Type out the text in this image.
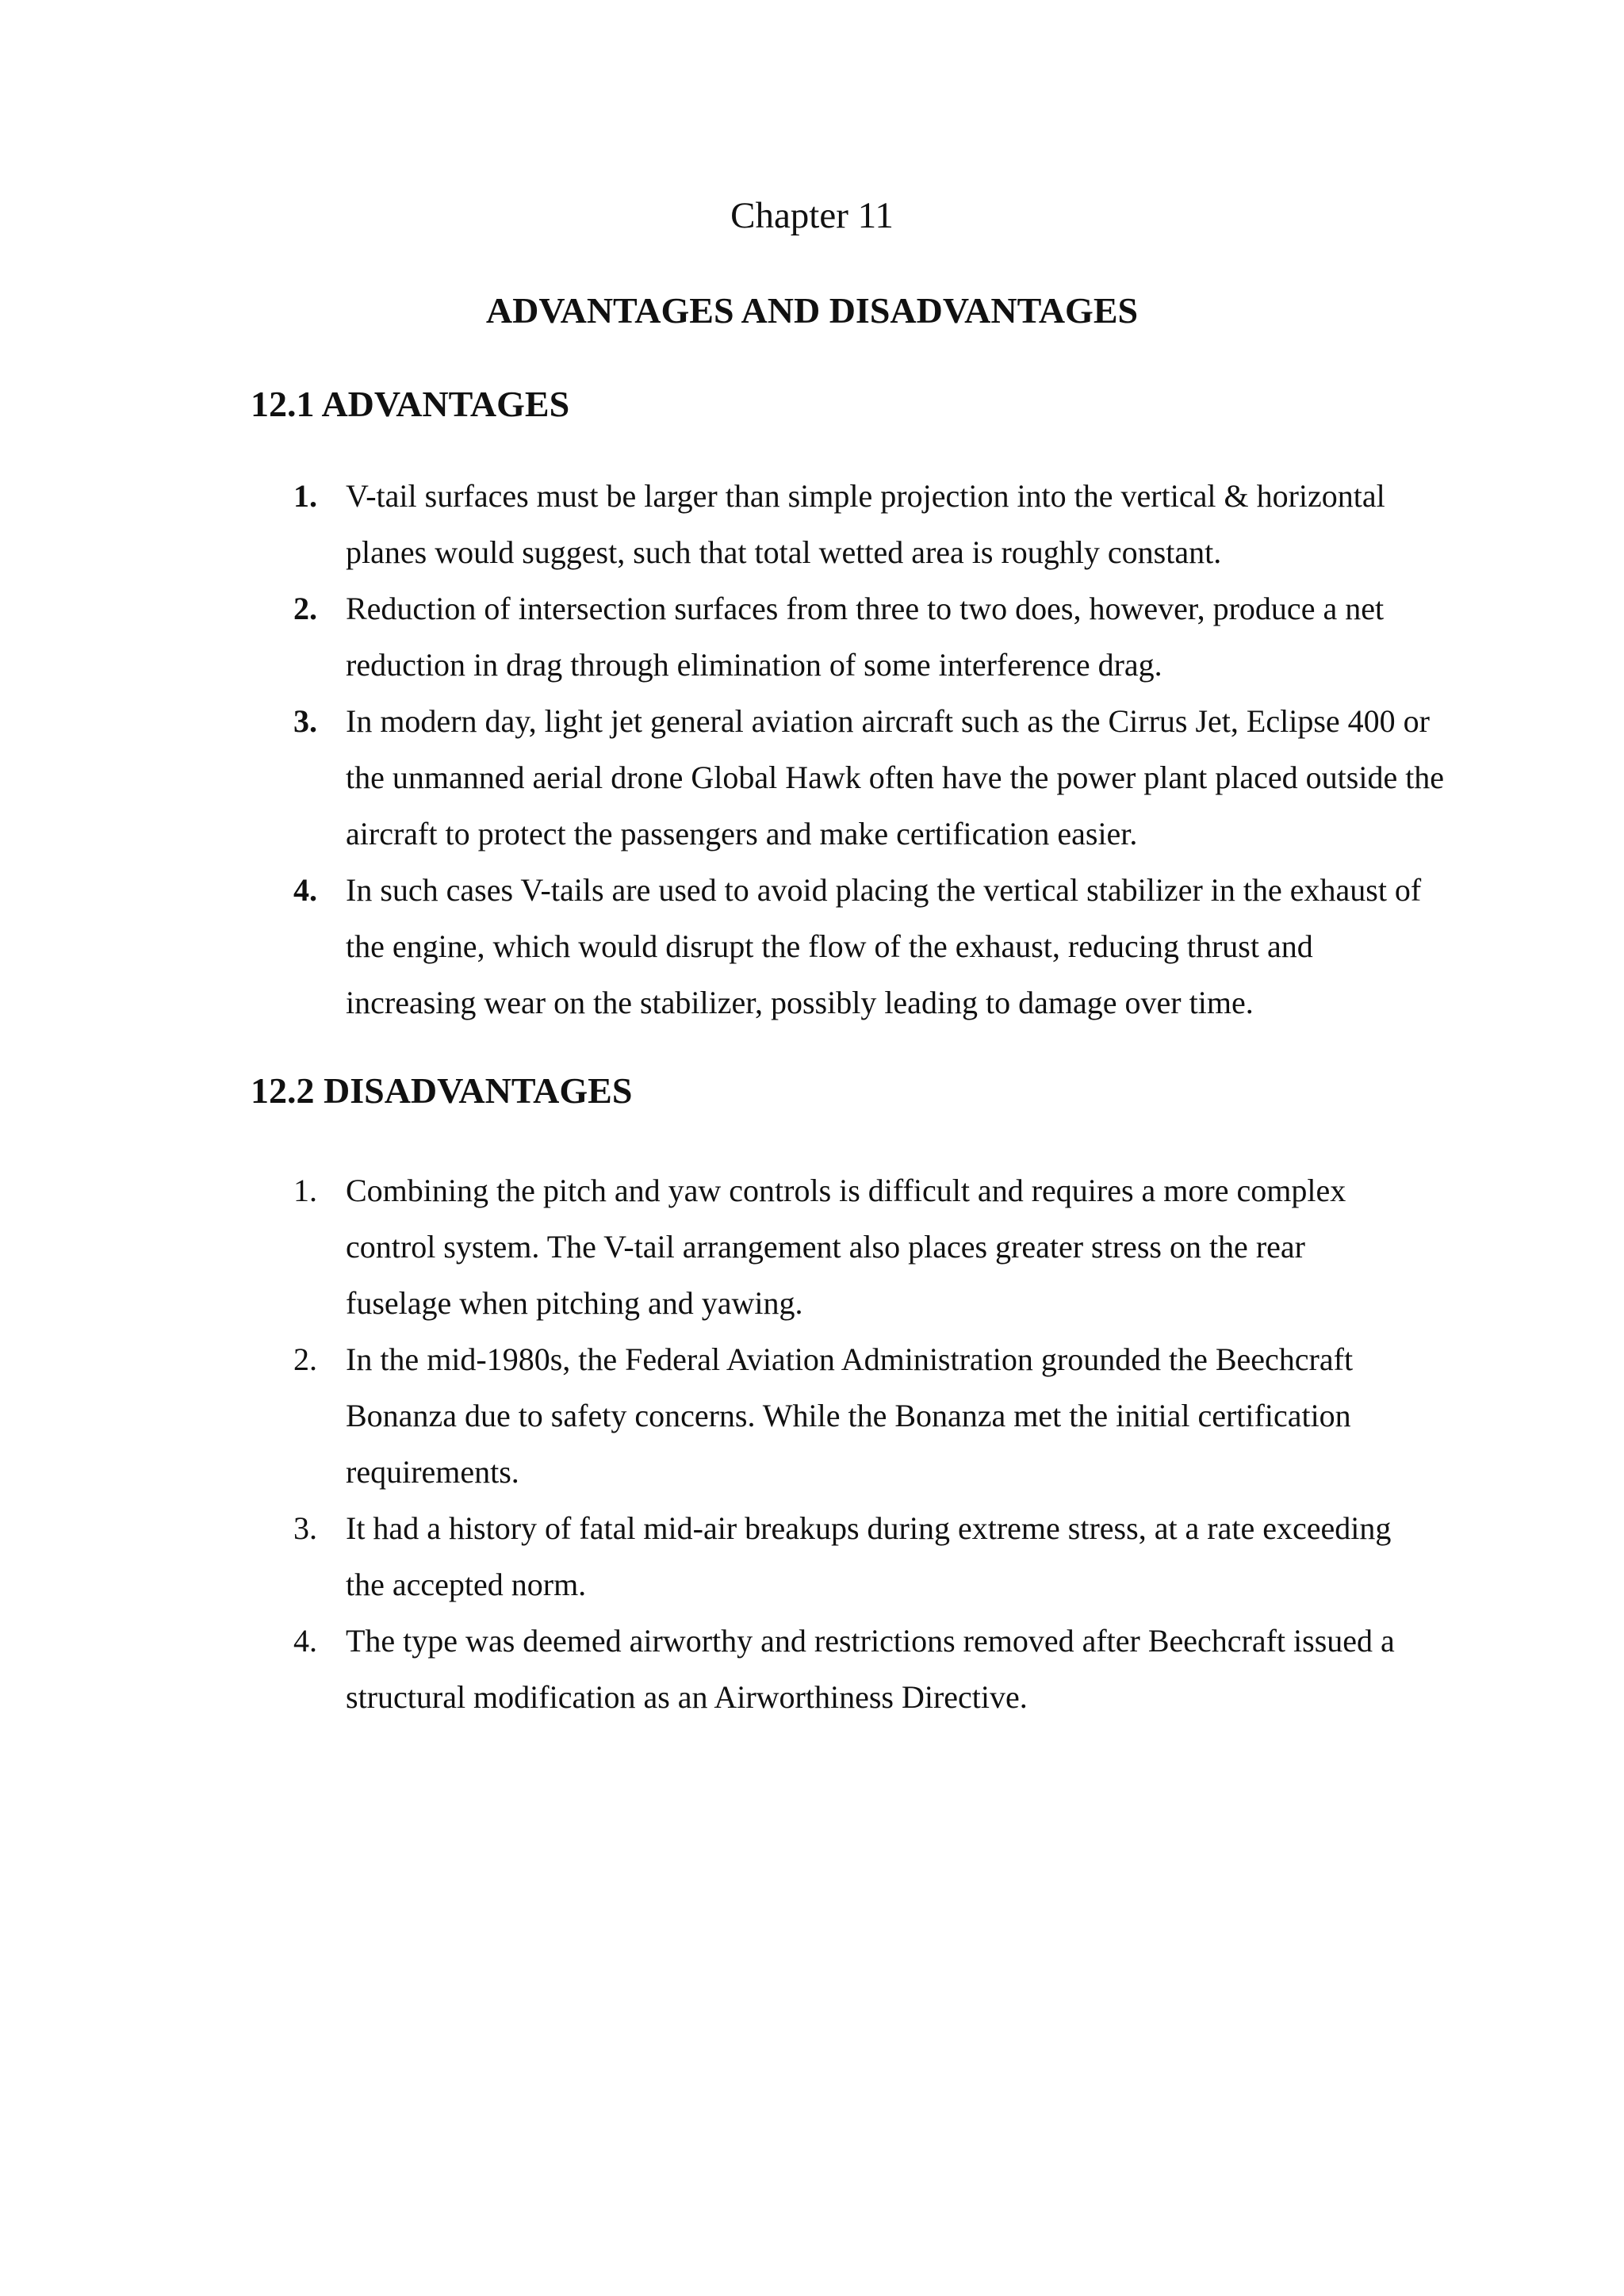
Chapter 11
ADVANTAGES AND DISADVANTAGES
12.1 ADVANTAGES
1. V-tail surfaces must be larger than simple projection into the vertical & horizontal planes would suggest, such that total wetted area is roughly constant.
2. Reduction of intersection surfaces from three to two does, however, produce a net reduction in drag through elimination of some interference drag.
3. In modern day, light jet general aviation aircraft such as the Cirrus Jet, Eclipse 400 or the unmanned aerial drone Global Hawk often have the power plant placed outside the aircraft to protect the passengers and make certification easier.
4. In such cases V-tails are used to avoid placing the vertical stabilizer in the exhaust of the engine, which would disrupt the flow of the exhaust, reducing thrust and increasing wear on the stabilizer, possibly leading to damage over time.
12.2 DISADVANTAGES
1. Combining the pitch and yaw controls is difficult and requires a more complex control system. The V-tail arrangement also places greater stress on the rear fuselage when pitching and yawing.
2. In the mid-1980s, the Federal Aviation Administration grounded the Beechcraft Bonanza due to safety concerns. While the Bonanza met the initial certification requirements.
3. It had a history of fatal mid-air breakups during extreme stress, at a rate exceeding the accepted norm.
4. The type was deemed airworthy and restrictions removed after Beechcraft issued a structural modification as an Airworthiness Directive.
